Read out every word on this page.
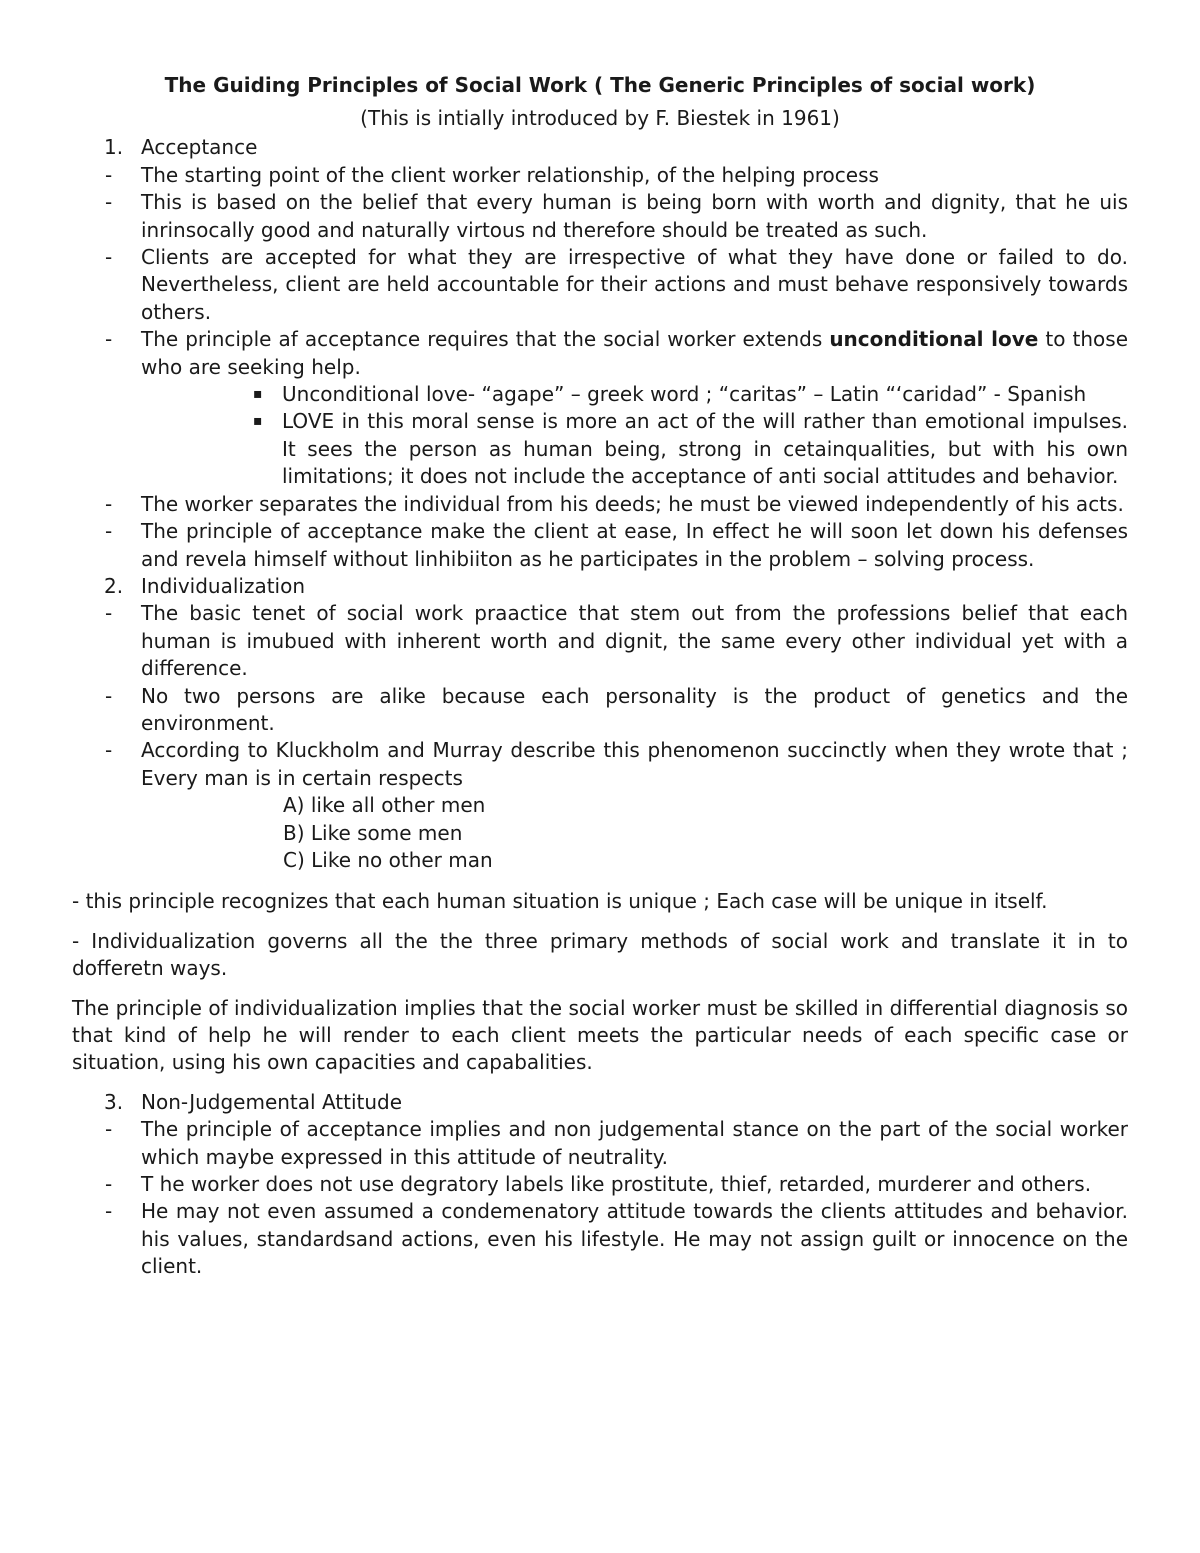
The Guiding Principles of Social Work ( The Generic Principles of social work)
(This is intially introduced by F. Biestek in 1961)
1. Acceptance
-	The starting point of the client worker relationship, of the helping process
-	This is based on the belief that every human is being born with worth and dignity, that he uis inrinsocally good and naturally virtous nd therefore should be treated as such.
-	Clients are accepted for what they are irrespective of what they have done or failed to do. Nevertheless, client are held accountable for their actions and must behave responsively towards others.
-	The principle af acceptance requires that the social worker extends unconditional love to those who are seeking help.
▪ Unconditional love- “agape” – greek word ; “caritas” – Latin “‘caridad” - Spanish
▪ LOVE in this moral sense is more an act of the will rather than emotional impulses. It sees the person as human being, strong in cetainqualities, but with his own limitations; it does not include the acceptance of anti social attitudes and behavior.
-	The worker separates the individual from his deeds; he must be viewed independently of his acts.
-	The principle of acceptance make the client at ease, In effect he will soon let down his defenses and revela himself without linhibiiton as he participates in the problem – solving process.
2. Individualization
-	The basic tenet of social work praactice that stem out from the professions belief that each human is imubued with inherent worth and dignit, the same every other individual yet with a difference.
-	No two persons are alike because each personality is the product of genetics and the environment.
-	According to Kluckholm and Murray describe this phenomenon succinctly when they wrote that ; Every man is in certain respects
A) like all other men
B) Like some men
C) Like no other man
- this principle recognizes that each human situation is unique ; Each case will be unique in itself.
- Individualization governs all the the three primary methods of social work and translate it in to dofferetn ways.
The principle of individualization implies that the social worker must be skilled in differential diagnosis so that kind of help he will render to each client meets the particular needs of each specific case or situation, using his own capacities and capabalities.
3. Non-Judgemental Attitude
-	The principle of acceptance implies and non judgemental stance on the part of the social worker which maybe expressed in this attitude of neutrality.
-	T he worker does not use degratory labels like prostitute, thief, retarded, murderer and others.
-	He may not even assumed a condemenatory attitude towards the clients attitudes and behavior. his values, standardsand actions, even his lifestyle. He may not assign guilt or innocence on the client.
